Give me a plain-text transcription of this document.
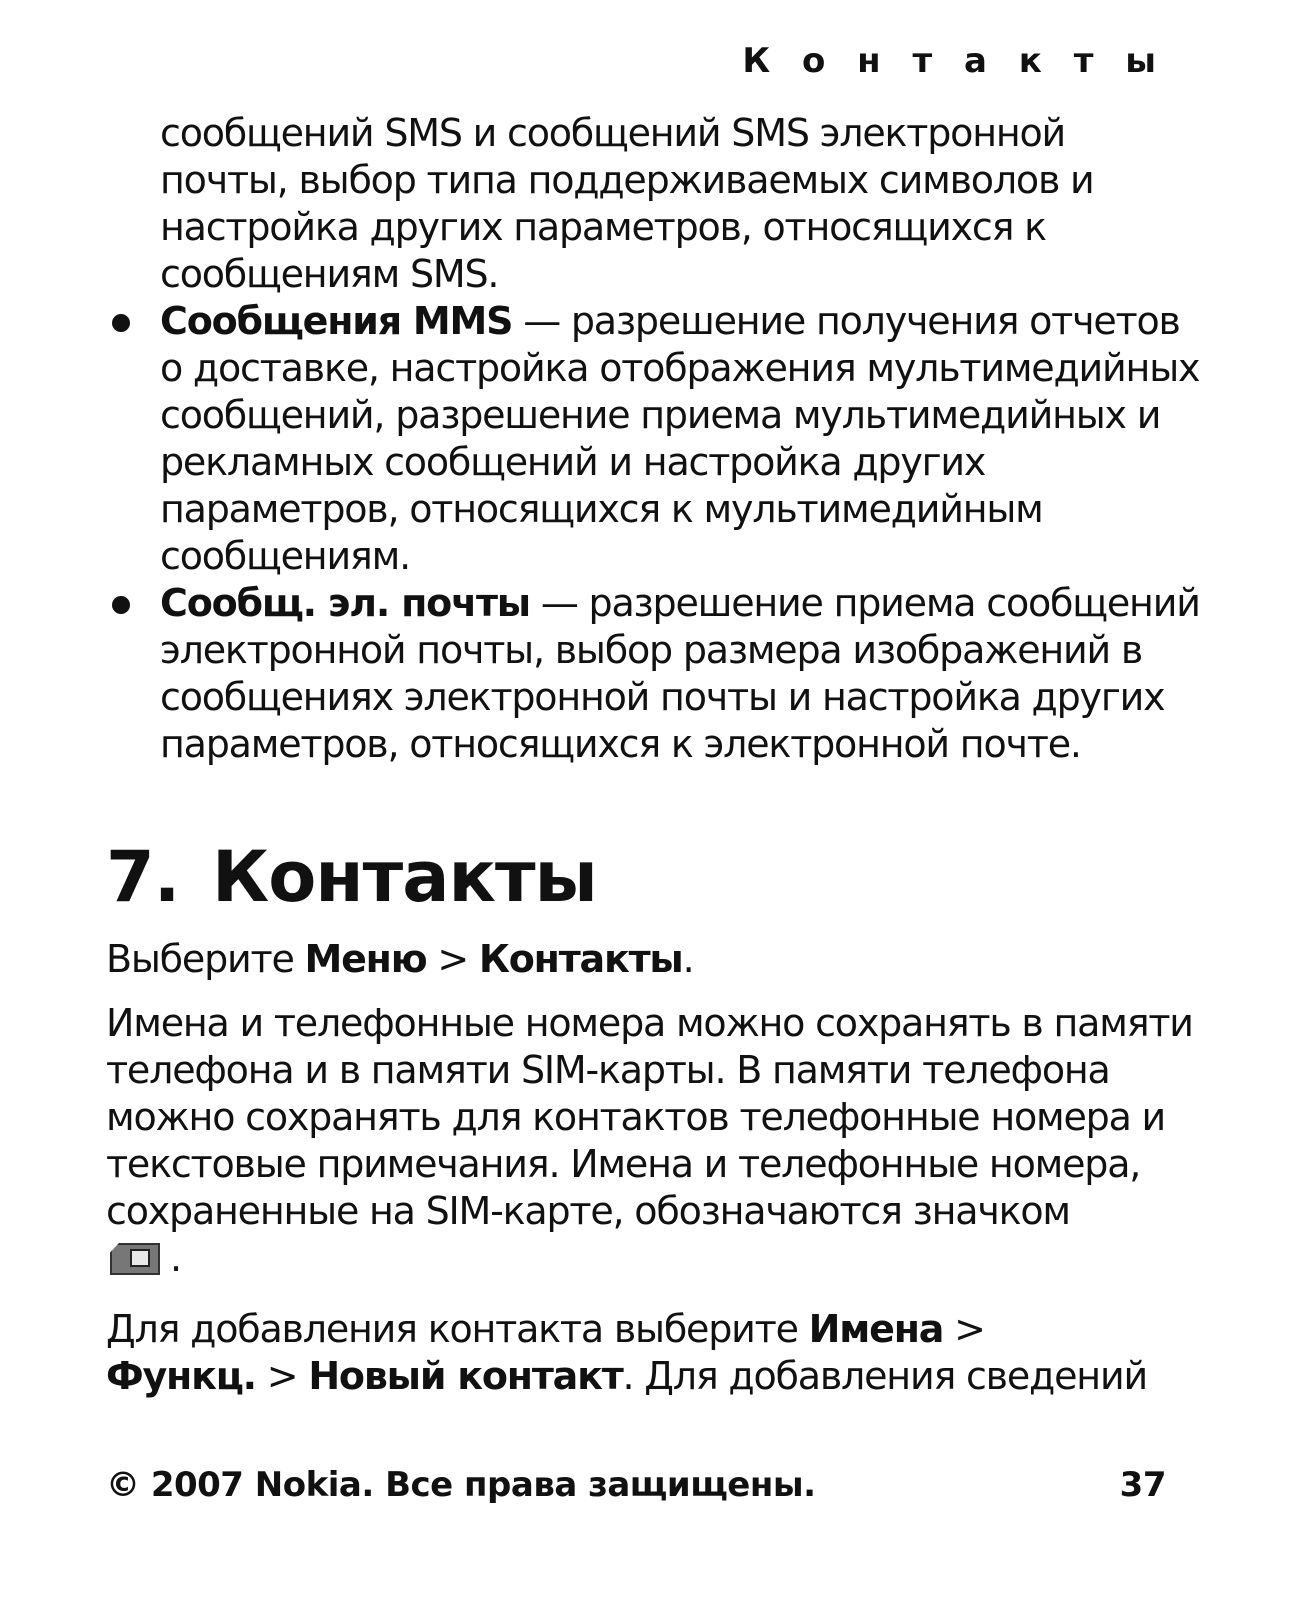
К о н т а к т ы
сообщений SMS и сообщений SMS электронной почты, выбор типа поддерживаемых символов и настройка других параметров, относящихся к сообщениям SMS.
Сообщения MMS — разрешение получения отчетов о доставке, настройка отображения мультимедийных сообщений, разрешение приема мультимедийных и рекламных сообщений и настройка других параметров, относящихся к мультимедийным сообщениям.
Сообщ. эл. почты — разрешение приема сообщений электронной почты, выбор размера изображений в сообщениях электронной почты и настройка других параметров, относящихся к электронной почте.
7. Контакты
Выберите Меню > Контакты.
Имена и телефонные номера можно сохранять в памяти телефона и в памяти SIM-карты. В памяти телефона можно сохранять для контактов телефонные номера и текстовые примечания. Имена и телефонные номера, сохраненные на SIM-карте, обозначаются значком

.
Для добавления контакта выберите Имена >
Функц. > Новый контакт. Для добавления сведений
© 2007 Nokia. Все права защищены.	37
